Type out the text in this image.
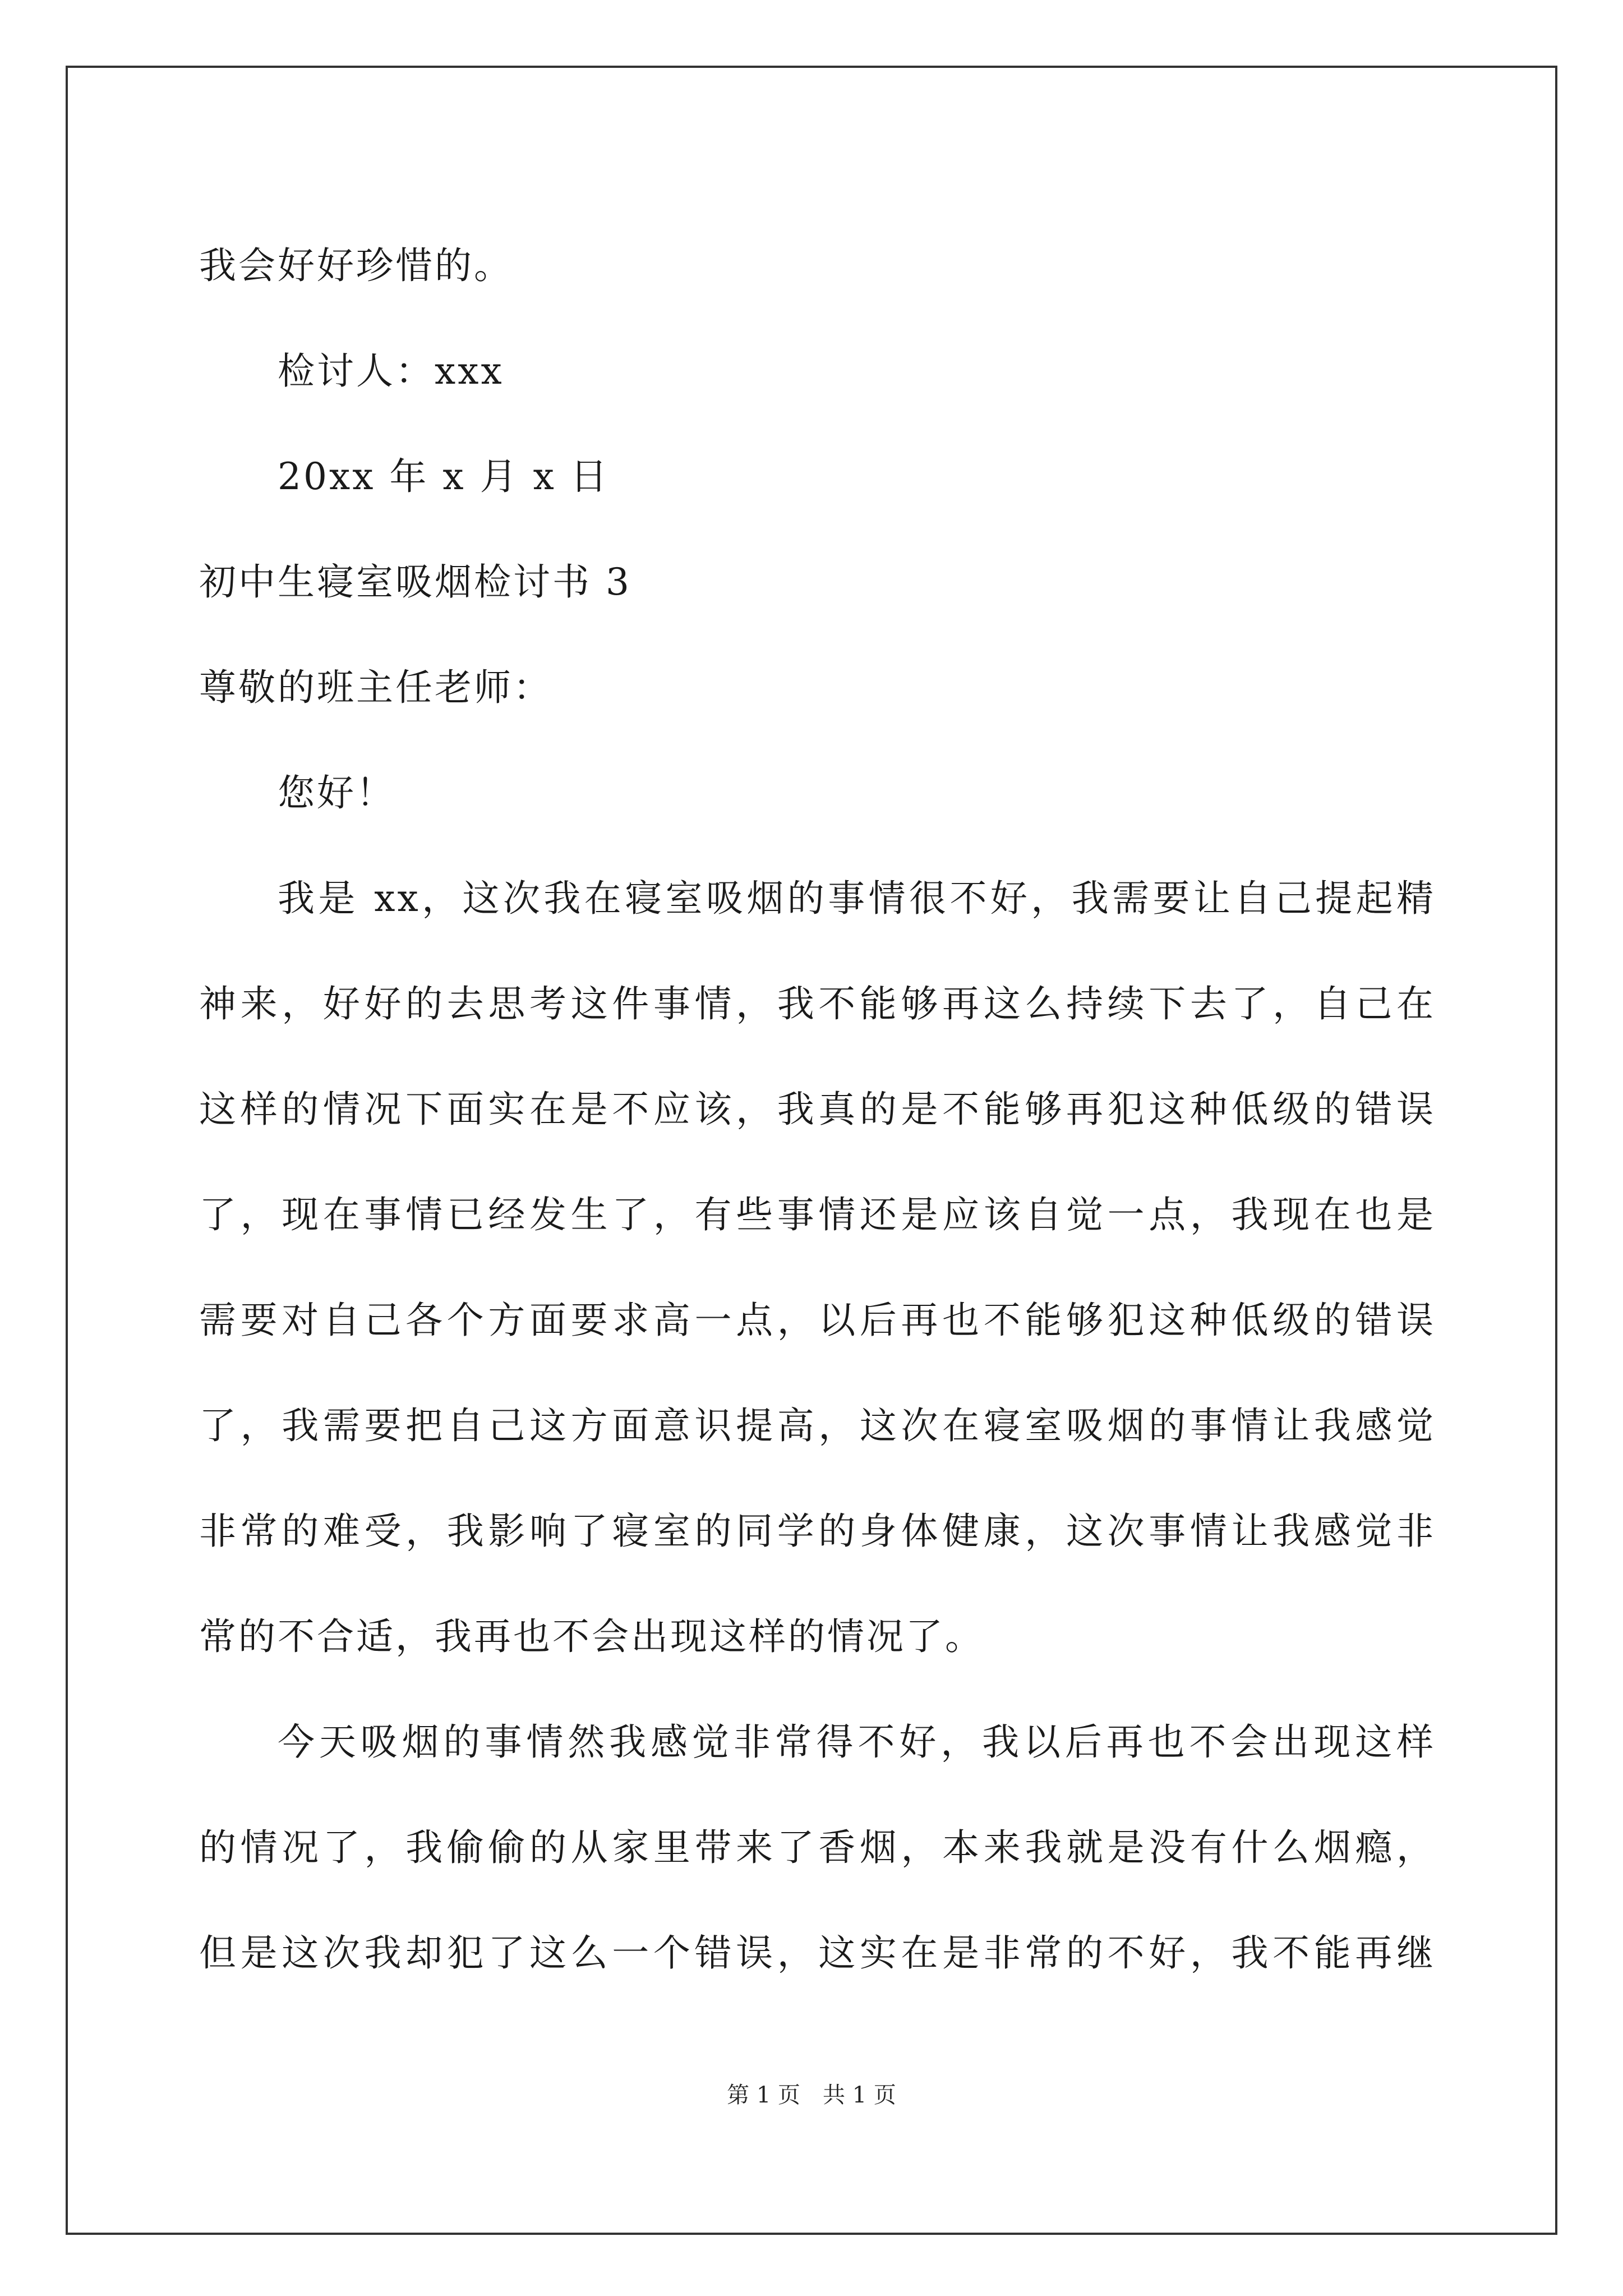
我会好好珍惜的。
检讨人：xxx
20xx 年 x 月 x 日
初中生寝室吸烟检讨书 3
尊敬的班主任老师：
您好！
我是 xx，这次我在寝室吸烟的事情很不好，我需要让自己提起精
神来，好好的去思考这件事情，我不能够再这么持续下去了，自己在
这样的情况下面实在是不应该，我真的是不能够再犯这种低级的错误
了，现在事情已经发生了，有些事情还是应该自觉一点，我现在也是
需要对自己各个方面要求高一点，以后再也不能够犯这种低级的错误
了，我需要把自己这方面意识提高，这次在寝室吸烟的事情让我感觉
非常的难受，我影响了寝室的同学的身体健康，这次事情让我感觉非
常的不合适，我再也不会出现这样的情况了。
今天吸烟的事情然我感觉非常得不好，我以后再也不会出现这样
的情况了，我偷偷的从家里带来了香烟，本来我就是没有什么烟瘾，
但是这次我却犯了这么一个错误，这实在是非常的不好，我不能再继
第 1 页 共 1 页
